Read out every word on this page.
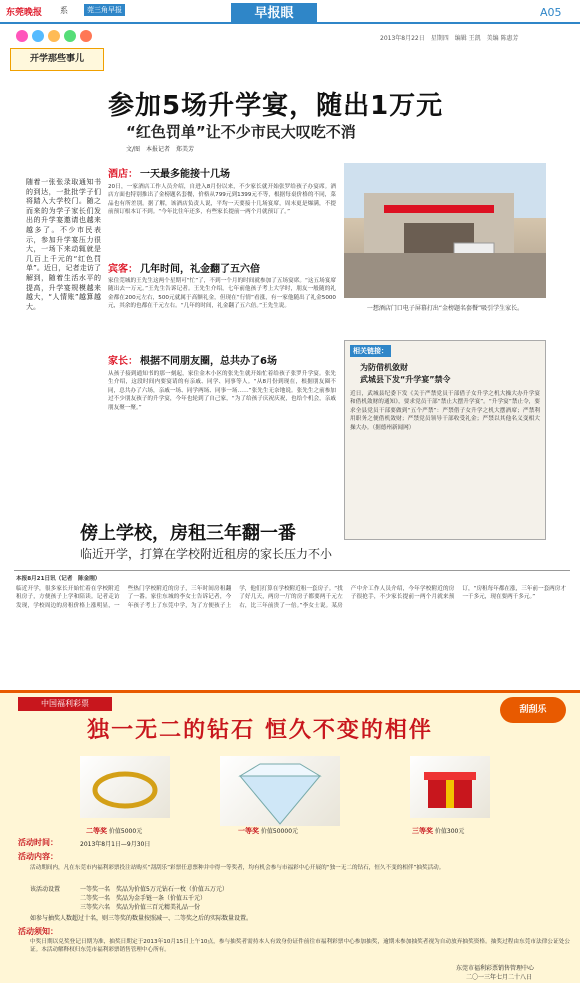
东莞晚报 系	莞三角早报	早报眼	A05
2013年8月22日　星期四　编辑 王凯　美编 陈惠芳
开学那些事儿
参加5场升学宴，随出1万元
“红色罚单”让不少市民大叹吃不消
文/图　本报记者　郑美芳
随着一张张录取通知书的到达，一批批学子们将踏入大学校门。随之而来的为学子家长们发出的升学宴邀请也越来越多了。不少市民表示，参加升学宴压力很大，一场下来动辄就是几百上千元的“红色罚单”。近日，记者走访了解到，随着生活水平的提高，升学宴规模越来越大，“人情账”越算越大。
酒店： 一天最多能接十几场
20日，一家酒店工作人员介绍，自进入8月份以来，不少家长就开始张罗给孩子办宴席。酒店方面也特别推出了金榜题名套餐，价格从799元到1399元不等，根据每桌价格的不同，菜品也有所差别。据了解，该酒店负责人说，平均一天要接十几场宴席，周末更是爆满，不提前预订根本订不到。“今年比往年还多，有些家长提前一两个月就预订了。”
宾客： 几年时间，礼金翻了五六倍
家住莞城的王先生这两个星期可“忙”了，不到一个月的时间就参加了五场宴席。“这五场宴席随出去一万元。”王先生告诉记者。王先生介绍，七年前他孩子考上大学时，朋友一般随的礼金都在200元左右，500元就属于高额礼金，但现在“行情”看涨，有一家他随出了礼金5000元，其余的也都在千元左右。“几年的时间，礼金翻了五六倍。”王先生说。
家长： 根据不同朋友圈，总共办了6场
从孩子接到通知书的那一刻起，家住金木小区的张先生就开始忙着给孩子张罗升学宴。张先生介绍，这段时间内要宴请的有亲戚、同学、同事等人。“从8月份到现在，根据朋友圈不同，总共办了六场，亲戚一场、同学两场、同事一场……”张先生无奈地说。张先生之前参加过不少朋友孩子的升学宴，今年也轮到了自己家，“为了给孩子庆祝庆祝，也给个机会，亲戚朋友聚一聚。”
一想酒店门口电子屏幕打出“金榜题名套餐”吸引学生家长。
相关链接：
为防借机敛财
武城县下发“升学宴”禁令
近日，武城县纪委下发《关于严禁党员干部借子女升学之机大操大办升学宴和借机敛财的通知》，要求党员干部“禁止大摆升学宴”。“升学宴”禁止令，要求全县党员干部要做到“五个严禁”：严禁借子女升学之机大摆酒席；严禁利用职务之便借机敛财；严禁党员领导干部收受礼金；严禁以其他名义变相大操大办。（据德州新闻网）
傍上学校，房租三年翻一番
临近开学，打算在学校附近租房的家长压力不小
本报8月21日讯（记者　陈金刚）
临近开学，很多家长开始忙着在学校附近租房子，方便孩子上学和陪读。记者走访发现，学校周边的房租价格上涨明显，一些热门学校附近的房子，三年时间房租翻了一番。家住东城的李女士告诉记者，今年孩子考上了东莞中学，为了方便孩子上学，他们打算在学校附近租一套房子。“找了好几天，两房一厅的房子都要两千元左右，比三年前贵了一倍。”李女士说。某房产中介工作人员介绍，今年学校附近的房子很抢手，不少家长提前一两个月就来预订，“房租每年都在涨，三年前一套两房才一千多元，现在要两千多元。”
中国福利彩票
刮刮乐
独一无二的钻石 恒久不变的相伴
二等奖 价值5000元	一等奖 价值50000元	三等奖 价值300元
活动时间：	2013年8月1日—9月30日
活动内容：
活动期间内，凡在东莞市内福利彩票投注站购买“刮刮乐”彩票任意票种并中得一等奖者，均有机会参与市福彩中心开展的“独一无二的钻石，恒久不变的相伴”抽奖活动。
该活动设置	一等奖一名　奖品为价值5万元钻石一枚（价值五万元）
二等奖一名　奖品为金手链一条（价值五千元）
三等奖六名　奖品为价值三百元精美礼品一份
如参与抽奖人数超过十名，则三等奖的数量按照减一、二等奖之后的实际数量设置。
活动须知：
中奖日期以兑奖登记日期为准，抽奖日期定于2013年10月15日上午10点，参与抽奖者需持本人有效身份证件前往市福利彩票中心参加抽奖，逾期未参加抽奖者视为自动放弃抽奖资格。抽奖过程由东莞市法律公证处公证。本活动解释权归东莞市福利彩票销售管理中心所有。
东莞市福利彩票销售管理中心
二〇一三年七月二十八日
